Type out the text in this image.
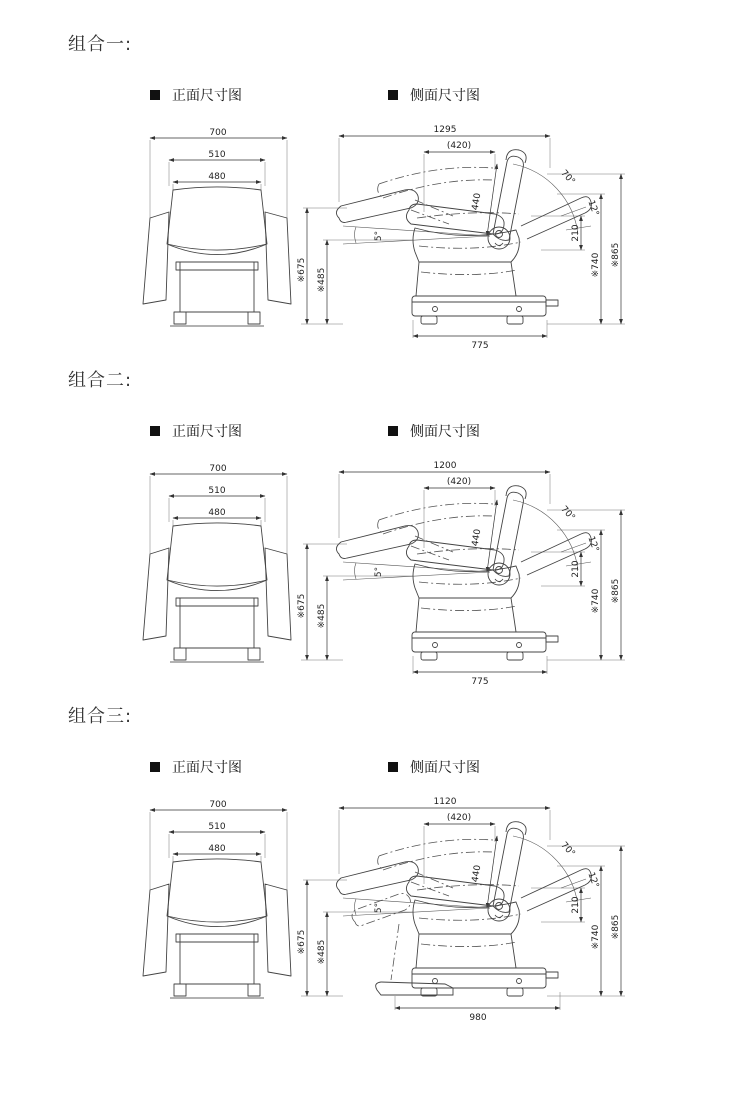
组合一:
正面尺寸图	侧面尺寸图
700
510
480
1295
(420)
440
70°
12°
210
※740 ※865
※675 ※485
5°
775
组合二:
正面尺寸图	侧面尺寸图
700
510
480
1200
(420)
440
70°
12°
210
※740 ※865
※675 ※485
5°
775
组合三:
正面尺寸图	侧面尺寸图
700
510
480
1120
(420)
440
70°
12°
210
※740 ※865
※675 ※485
5°
980
